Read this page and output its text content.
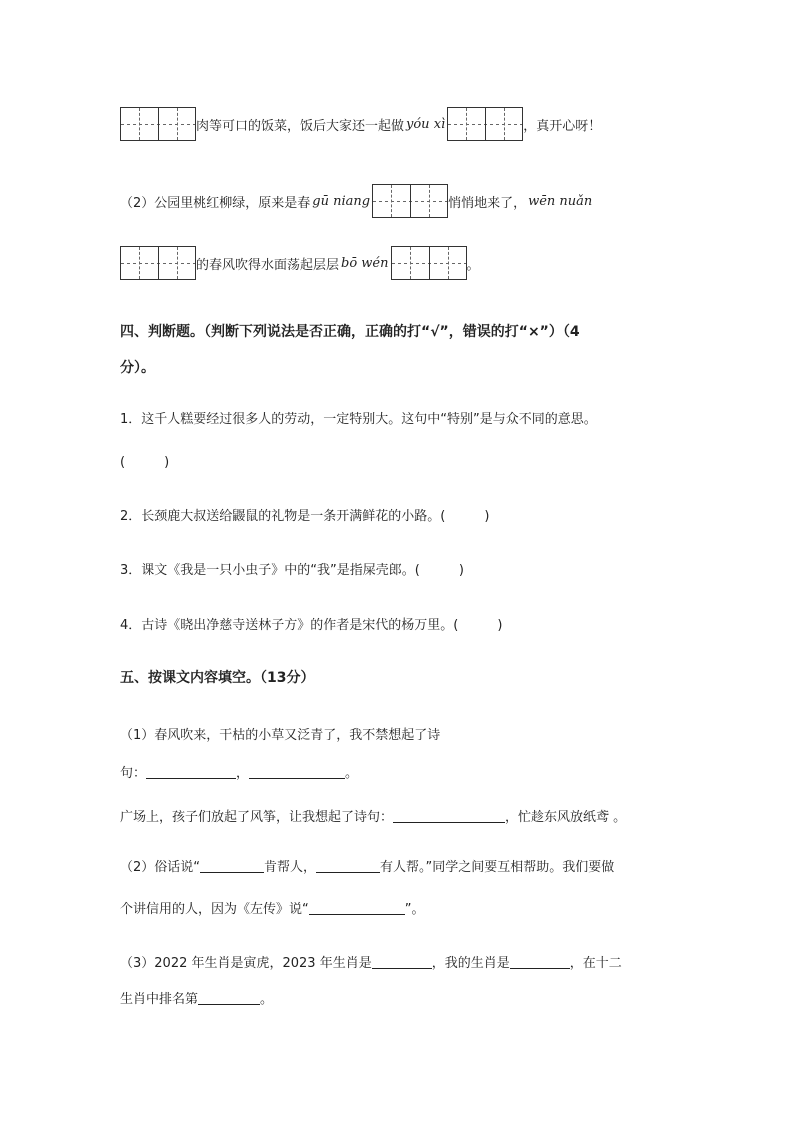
肉等可口的饭菜，饭后大家还一起做 yóu xì	，真开心呀！
（2）公园里桃红柳绿，原来是春 gū niang	悄悄地来了， wēn nuǎn
的春风吹得水面荡起层层 bō wén	。
四、判断题。（判断下列说法是否正确，正确的打“√”，错误的打“×”）（4
分）。
1．这千人糕要经过很多人的劳动，一定特别大。这句中“特别”是与众不同的意思。
(　　　)
2．长颈鹿大叔送给鼹鼠的礼物是一条开满鲜花的小路。 (　　　)
3．课文《我是一只小虫子》中的“我”是指屎壳郎。 (　　　)
4．古诗《晓出净慈寺送林子方》的作者是宋代的杨万里。 (　　　)
五、按课文内容填空。（13分）
（1）春风吹来，干枯的小草又泛青了，我不禁想起了诗
句：	，	。
广场上，孩子们放起了风筝，让我想起了诗句：	，忙趁东风放纸鸢 。
（2）俗话说“	肯帮人，	有人帮。”同学之间要互相帮助。我们要做
个讲信用的人，因为《左传》说“	”。
（3）2022 年生肖是寅虎，2023 年生肖是	，我的生肖是	，在十二
生肖中排名第	。
